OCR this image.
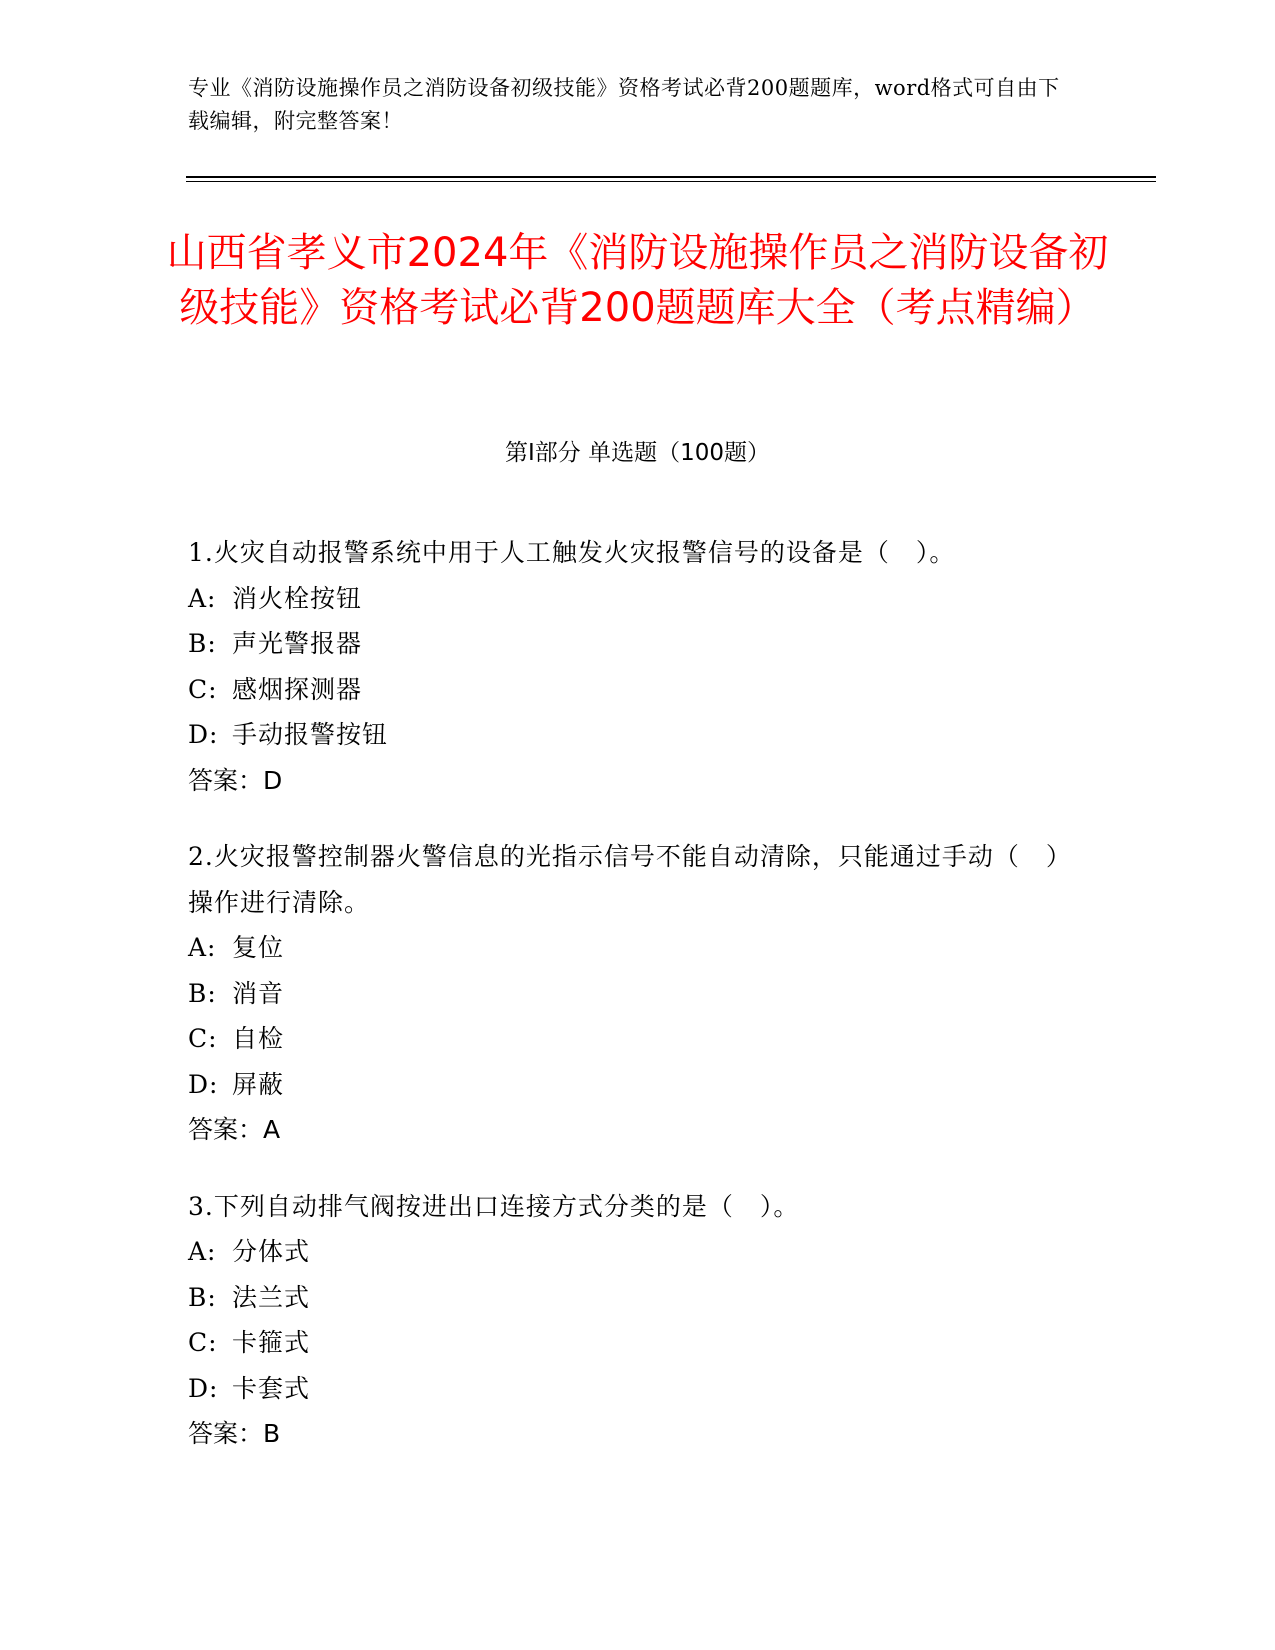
专业《消防设施操作员之消防设备初级技能》资格考试必背200题题库，word格式可自由下载编辑，附完整答案！
山西省孝义市2024年《消防设施操作员之消防设备初级技能》资格考试必背200题题库大全（考点精编）
第I部分 单选题（100题）
1.火灾自动报警系统中用于人工触发火灾报警信号的设备是（　）。
A: 消火栓按钮
B: 声光警报器
C: 感烟探测器
D: 手动报警按钮
答案：D
2.火灾报警控制器火警信息的光指示信号不能自动清除，只能通过手动（　）操作进行清除。
A: 复位
B: 消音
C: 自检
D: 屏蔽
答案：A
3.下列自动排气阀按进出口连接方式分类的是（　）。
A: 分体式
B: 法兰式
C: 卡箍式
D: 卡套式
答案：B
